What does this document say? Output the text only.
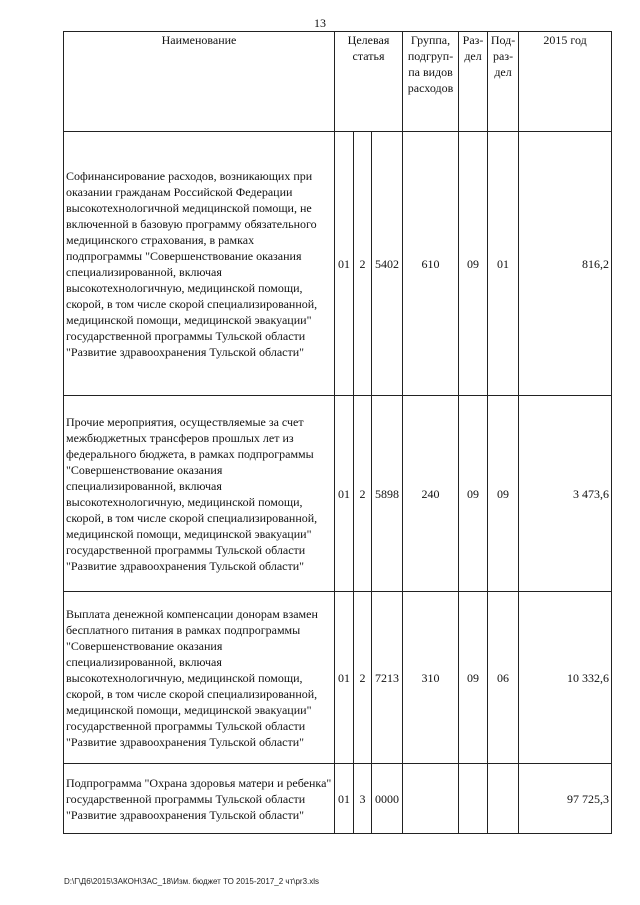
13
Наименование	Целевая статья			Группа, подгруп-па видов расходов	Раз-дел	Под-раз-дел	2015 год
Софинансирование расходов, возникающих при оказании гражданам Российской Федерации высокотехнологичной медицинской помощи, не включенной в базовую программу обязательного медицинского страхования, в рамках подпрограммы "Совершенствование оказания специализированной, включая высокотехнологичную, медицинской помощи, скорой, в том числе скорой специализированной, медицинской помощи, медицинской эвакуации" государственной программы Тульской области "Развитие здравоохранения Тульской области"	01	2	5402	610	09	01	816,2
Прочие мероприятия, осуществляемые за счет межбюджетных трансферов прошлых лет из федерального бюджета, в рамках подпрограммы "Совершенствование оказания специализированной, включая высокотехнологичную, медицинской помощи, скорой, в том числе скорой специализированной, медицинской помощи, медицинской эвакуации" государственной программы Тульской области "Развитие здравоохранения Тульской области"	01	2	5898	240	09	09	3 473,6
Выплата денежной компенсации донорам взамен бесплатного питания в рамках подпрограммы "Совершенствование оказания специализированной, включая высокотехнологичную, медицинской помощи, скорой, в том числе скорой специализированной, медицинской помощи, медицинской эвакуации" государственной программы Тульской области "Развитие здравоохранения Тульской области"	01	2	7213	310	09	06	10 332,6
Подпрограмма "Охрана здоровья матери и ребенка" государственной программы Тульской области "Развитие здравоохранения Тульской области"	01	3	0000				97 725,3
D:\Г\Д6\2015\ЗАКОН\ЗАС_18\Изм. бюджет ТО 2015-2017_2 чт\рr3.xls
